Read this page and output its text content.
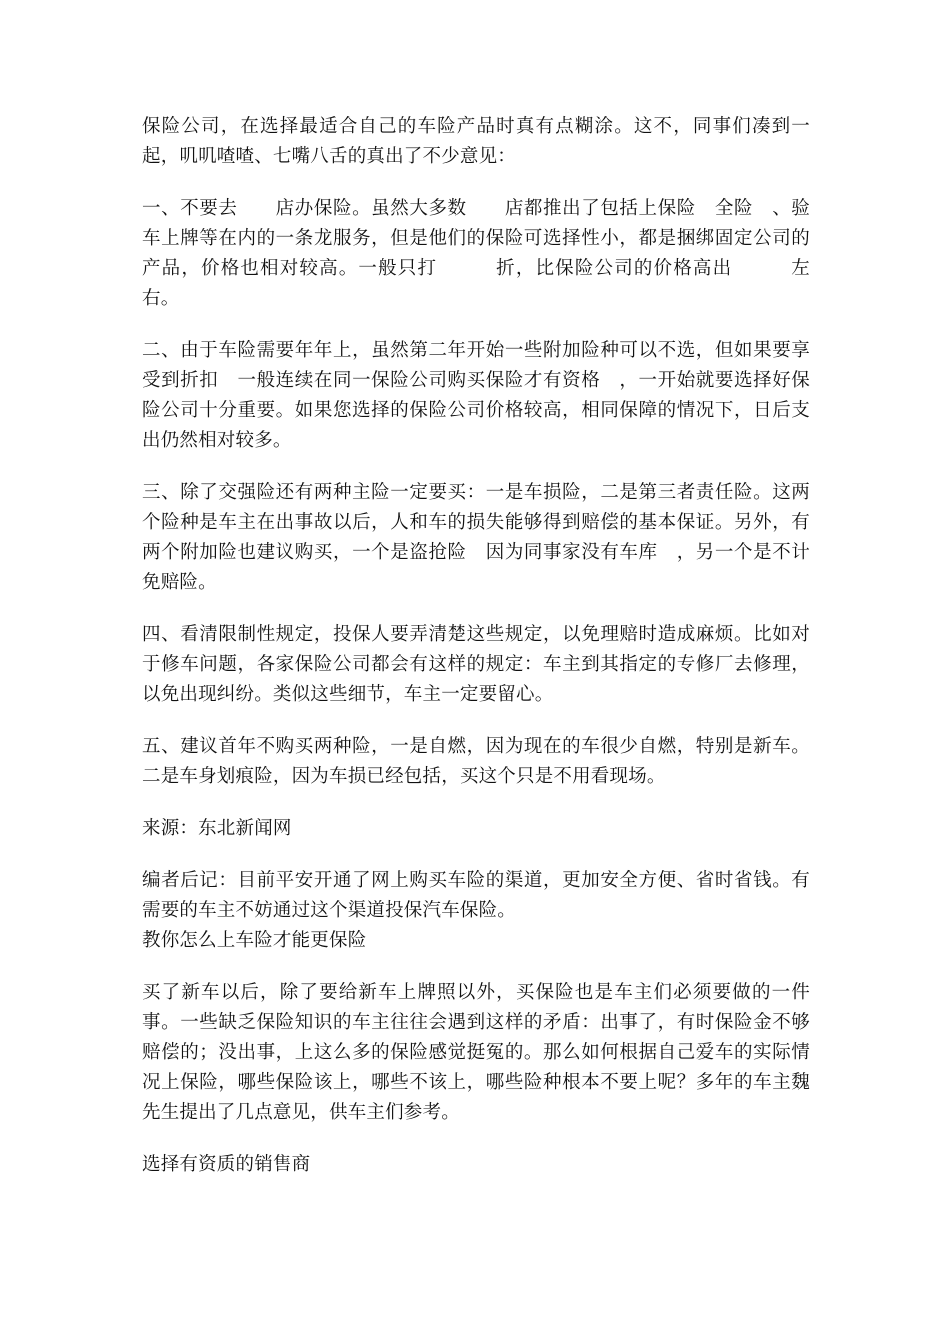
保险公司，在选择最适合自己的车险产品时真有点糊涂。这不，同事们凑到一起，叽叽喳喳、七嘴八舌的真出了不少意见：

一、不要去　　店办保险。虽然大多数　　店都推出了包括上保险　全险　、验车上牌等在内的一条龙服务，但是他们的保险可选择性小，都是捆绑固定公司的产品，价格也相对较高。一般只打　　　折，比保险公司的价格高出　　　左右。

二、由于车险需要年年上，虽然第二年开始一些附加险种可以不选，但如果要享受到折扣　一般连续在同一保险公司购买保险才有资格　，一开始就要选择好保险公司十分重要。如果您选择的保险公司价格较高，相同保障的情况下，日后支出仍然相对较多。

三、除了交强险还有两种主险一定要买：一是车损险，二是第三者责任险。这两个险种是车主在出事故以后，人和车的损失能够得到赔偿的基本保证。另外，有两个附加险也建议购买，一个是盗抢险　因为同事家没有车库　，另一个是不计免赔险。

四、看清限制性规定，投保人要弄清楚这些规定，以免理赔时造成麻烦。比如对于修车问题，各家保险公司都会有这样的规定：车主到其指定的专修厂去修理，以免出现纠纷。类似这些细节，车主一定要留心。

五、建议首年不购买两种险，一是自燃，因为现在的车很少自燃，特别是新车。二是车身划痕险，因为车损已经包括，买这个只是不用看现场。

来源：东北新闻网

编者后记：目前平安开通了网上购买车险的渠道，更加安全方便、省时省钱。有需要的车主不妨通过这个渠道投保汽车保险。

教你怎么上车险才能更保险

买了新车以后，除了要给新车上牌照以外，买保险也是车主们必须要做的一件事。一些缺乏保险知识的车主往往会遇到这样的矛盾：出事了，有时保险金不够赔偿的；没出事，上这么多的保险感觉挺冤的。那么如何根据自己爱车的实际情况上保险，哪些保险该上，哪些不该上，哪些险种根本不要上呢？多年的车主魏先生提出了几点意见，供车主们参考。

选择有资质的销售商
